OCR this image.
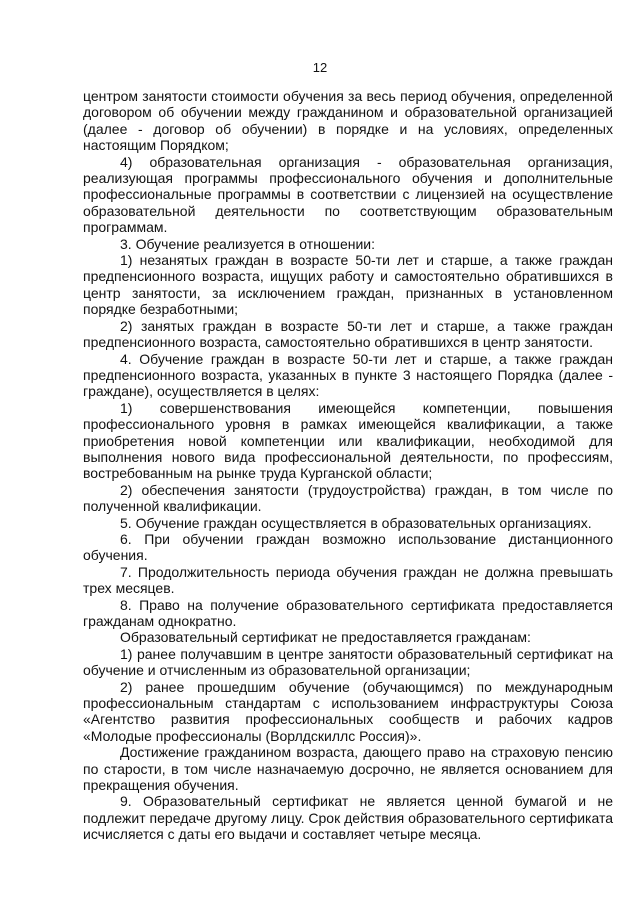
12

центром занятости стоимости обучения за весь период обучения, определенной договором об обучении между гражданином и образовательной организацией (далее - договор об обучении) в порядке и на условиях, определенных настоящим Порядком;

4) образовательная организация - образовательная организация, реализующая программы профессионального обучения и дополнительные профессиональные программы в соответствии с лицензией на осуществление образовательной деятельности по соответствующим образовательным программам.

3. Обучение реализуется в отношении:

1) незанятых граждан в возрасте 50-ти лет и старше, а также граждан предпенсионного возраста, ищущих работу и самостоятельно обратившихся в центр занятости, за исключением граждан, признанных в установленном порядке безработными;

2) занятых граждан в возрасте 50-ти лет и старше, а также граждан предпенсионного возраста, самостоятельно обратившихся в центр занятости.

4. Обучение граждан в возрасте 50-ти лет и старше, а также граждан предпенсионного возраста, указанных в пункте 3 настоящего Порядка (далее - граждане), осуществляется в целях:

1) совершенствования имеющейся компетенции, повышения профессионального уровня в рамках имеющейся квалификации, а также приобретения новой компетенции или квалификации, необходимой для выполнения нового вида профессиональной деятельности, по профессиям, востребованным на рынке труда Курганской области;

2) обеспечения занятости (трудоустройства) граждан, в том числе по полученной квалификации.

5. Обучение граждан осуществляется в образовательных организациях.

6. При обучении граждан возможно использование дистанционного обучения.

7. Продолжительность периода обучения граждан не должна превышать трех месяцев.

8. Право на получение образовательного сертификата предоставляется гражданам однократно.

Образовательный сертификат не предоставляется гражданам:

1) ранее получавшим в центре занятости образовательный сертификат на обучение и отчисленным из образовательной организации;

2) ранее прошедшим обучение (обучающимся) по международным профессиональным стандартам с использованием инфраструктуры Союза «Агентство развития профессиональных сообществ и рабочих кадров «Молодые профессионалы (Ворлдскиллс Россия)».

Достижение гражданином возраста, дающего право на страховую пенсию по старости, в том числе назначаемую досрочно, не является основанием для прекращения обучения.

9. Образовательный сертификат не является ценной бумагой и не подлежит передаче другому лицу. Срок действия образовательного сертификата исчисляется с даты его выдачи и составляет четыре месяца.
